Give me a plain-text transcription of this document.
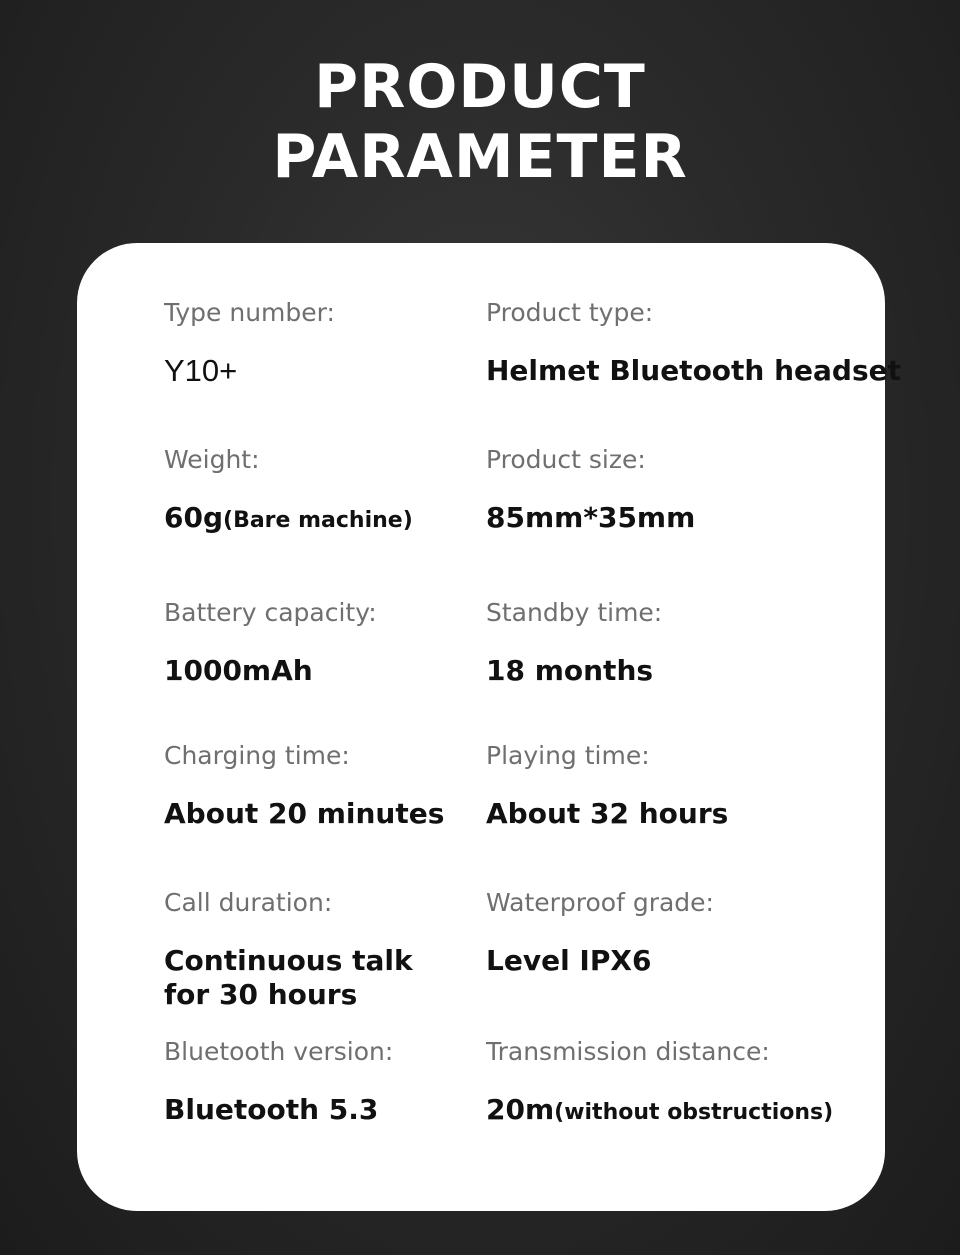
PRODUCT
PARAMETER
Type number:
Y10+
Product type:
Helmet Bluetooth headset
Weight:
60g(Bare machine)
Product size:
85mm*35mm
Battery capacity:
1000mAh
Standby time:
18 months
Charging time:
About 20 minutes
Playing time:
About 32 hours
Call duration:
Continuous talk
for 30 hours
Waterproof grade:
Level IPX6
Bluetooth version:
Bluetooth 5.3
Transmission distance:
20m(without obstructions)
